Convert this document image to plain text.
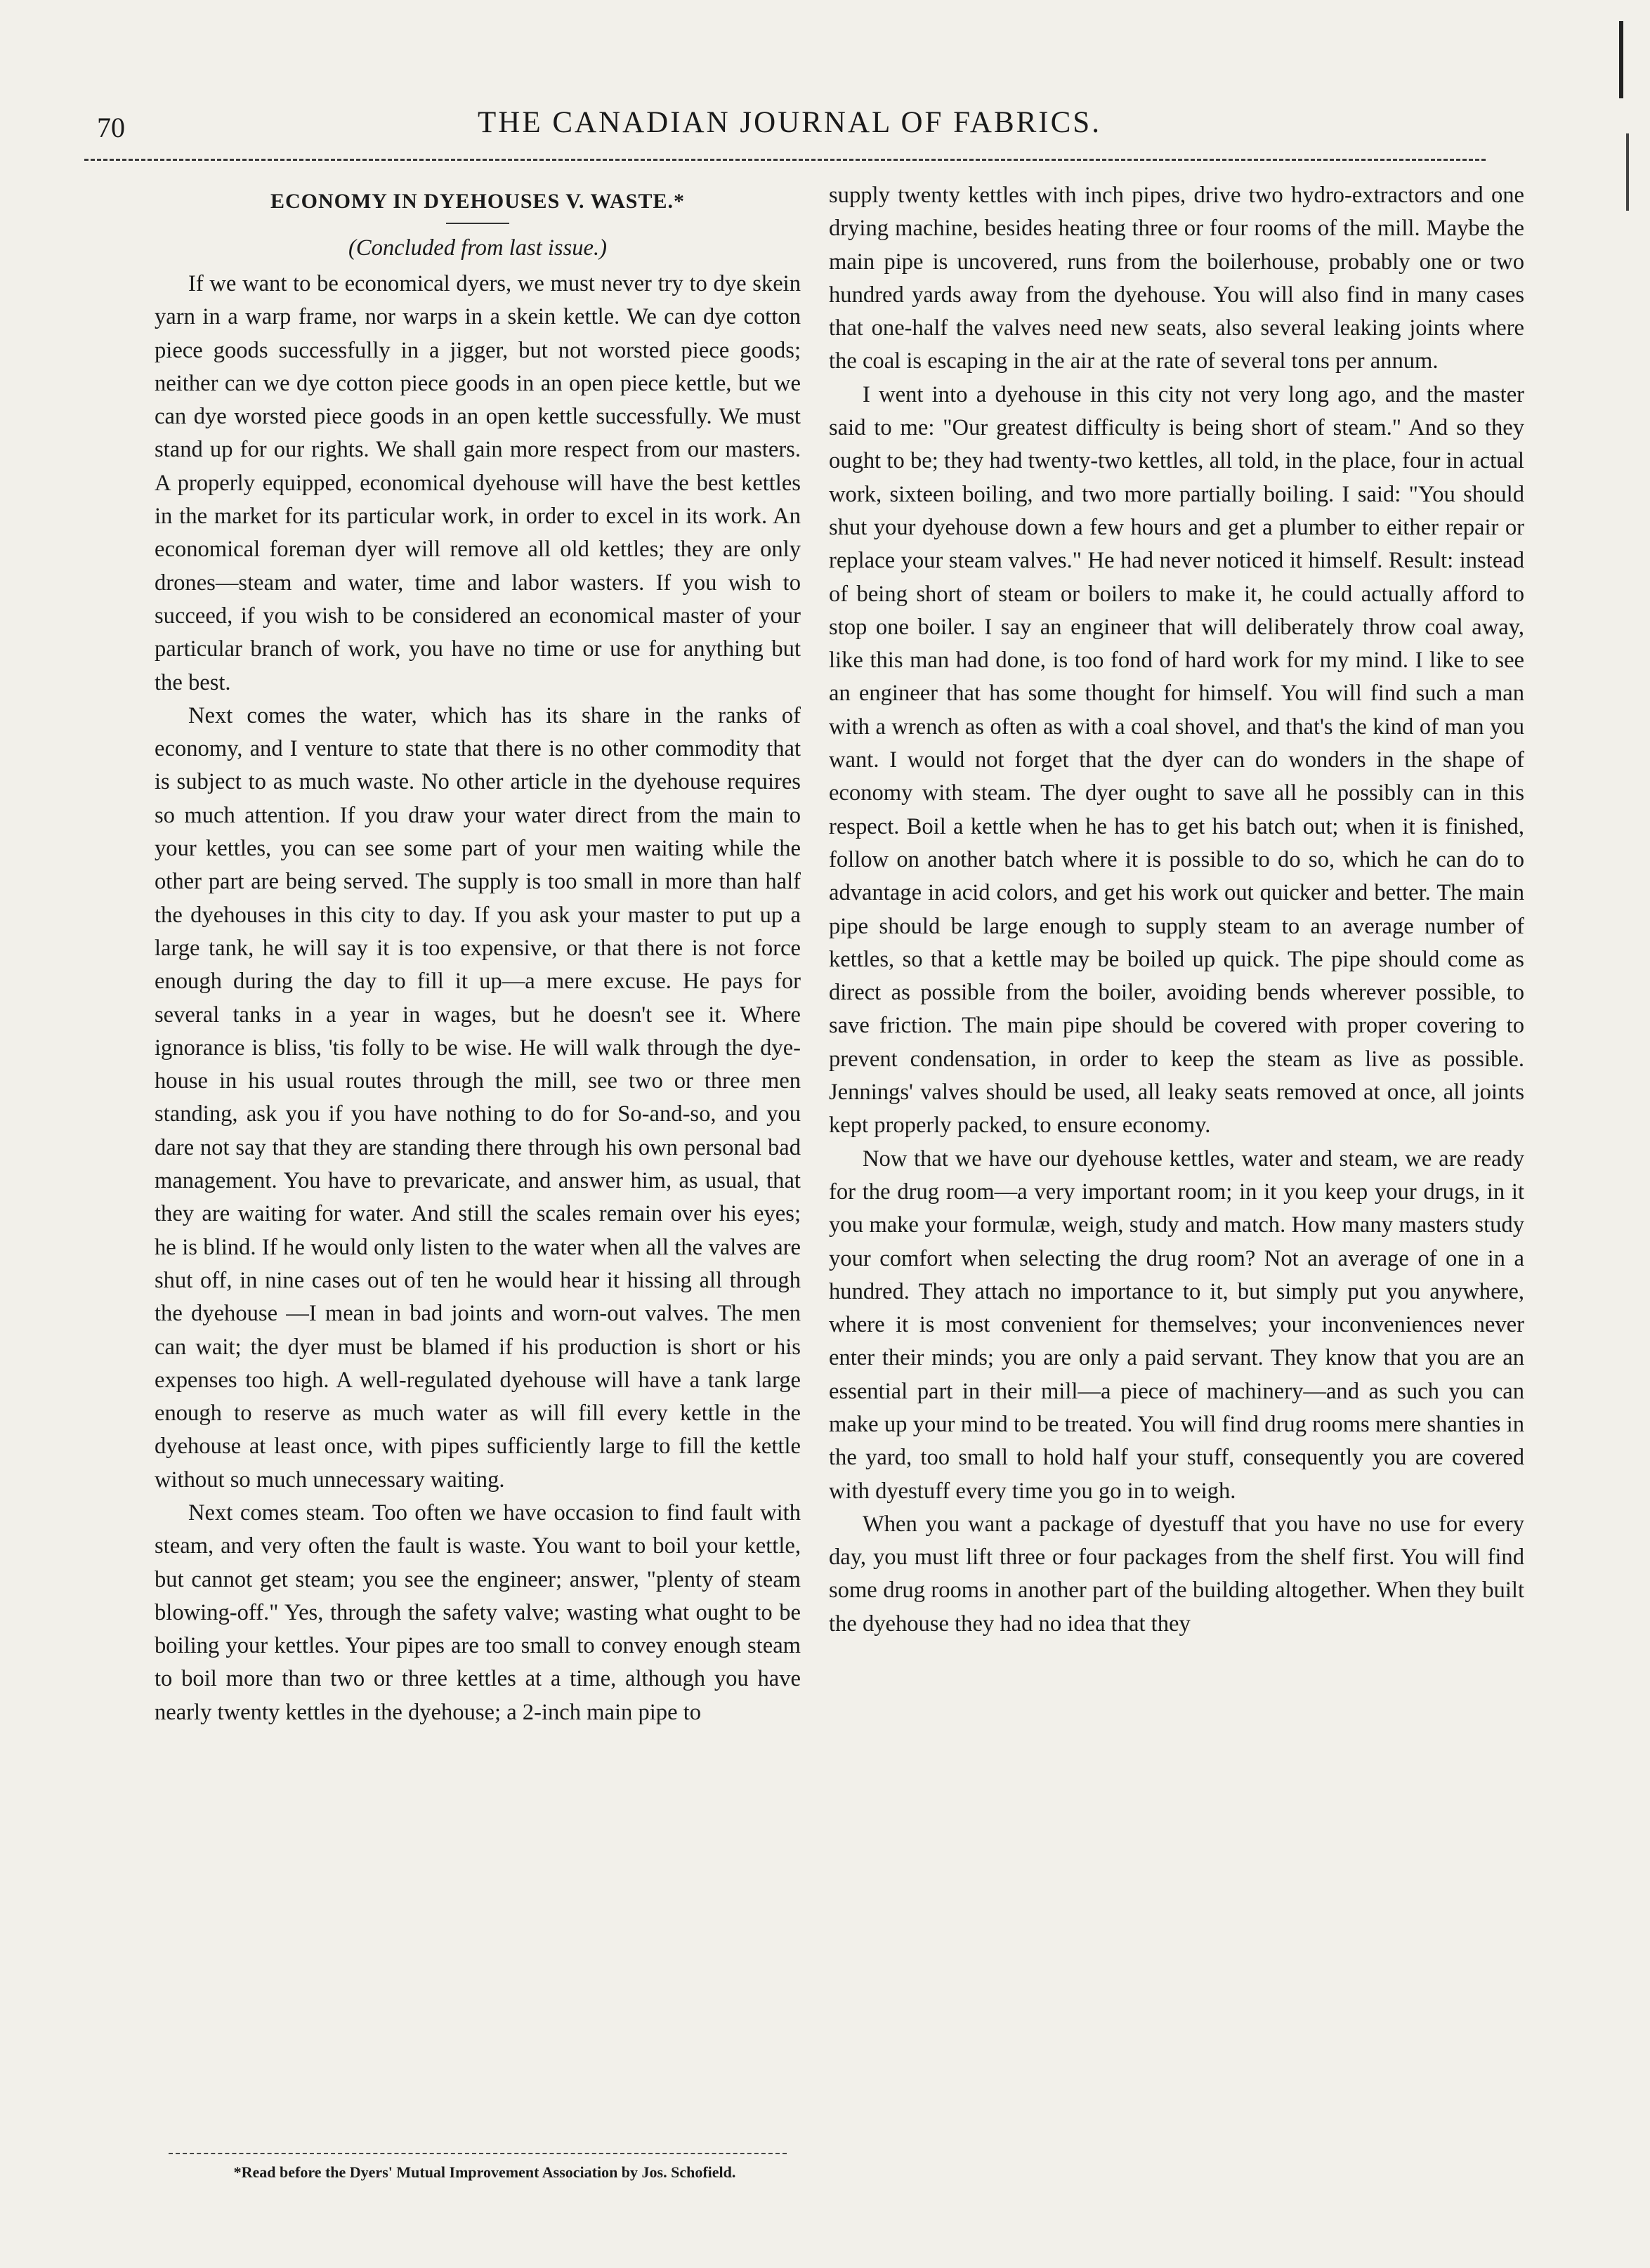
70	THE CANADIAN JOURNAL OF FABRICS.
ECONOMY IN DYEHOUSES V. WASTE.*
(Concluded from last issue.)

If we want to be economical dyers, we must never try to dye skein yarn in a warp frame, nor warps in a skein kettle. We can dye cotton piece goods successfully in a jigger, but not worsted piece goods; neither can we dye cotton piece goods in an open piece kettle, but we can dye worsted piece goods in an open kettle successfully. We must stand up for our rights. We shall gain more respect from our masters. A properly equipped, economical dyehouse will have the best kettles in the market for its particular work, in order to excel in its work. An economical foreman dyer will remove all old kettles; they are only drones—steam and water, time and labor wasters. If you wish to succeed, if you wish to be considered an economical master of your particular branch of work, you have no time or use for anything but the best.

Next comes the water, which has its share in the ranks of economy, and I venture to state that there is no other commodity that is subject to as much waste. No other article in the dyehouse requires so much attention. If you draw your water direct from the main to your kettles, you can see some part of your men waiting while the other part are being served. The supply is too small in more than half the dyehouses in this city to day. If you ask your master to put up a large tank, he will say it is too expensive, or that there is not force enough during the day to fill it up—a mere excuse. He pays for several tanks in a year in wages, but he doesn't see it. Where ignorance is bliss, 'tis folly to be wise. He will walk through the dye-house in his usual routes through the mill, see two or three men standing, ask you if you have nothing to do for So-and-so, and you dare not say that they are standing there through his own personal bad management. You have to prevaricate, and answer him, as usual, that they are waiting for water. And still the scales remain over his eyes; he is blind. If he would only listen to the water when all the valves are shut off, in nine cases out of ten he would hear it hissing all through the dyehouse —I mean in bad joints and worn-out valves. The men can wait; the dyer must be blamed if his production is short or his expenses too high. A well-regulated dyehouse will have a tank large enough to reserve as much water as will fill every kettle in the dyehouse at least once, with pipes sufficiently large to fill the kettle without so much unnecessary waiting.

Next comes steam. Too often we have occasion to find fault with steam, and very often the fault is waste. You want to boil your kettle, but cannot get steam; you see the engineer; answer, "plenty of steam blowing-off." Yes, through the safety valve; wasting what ought to be boiling your kettles. Your pipes are too small to convey enough steam to boil more than two or three kettles at a time, although you have nearly twenty kettles in the dyehouse; a 2-inch main pipe to

supply twenty kettles with inch pipes, drive two hydro-extractors and one drying machine, besides heating three or four rooms of the mill. Maybe the main pipe is uncovered, runs from the boilerhouse, probably one or two hundred yards away from the dyehouse. You will also find in many cases that one-half the valves need new seats, also several leaking joints where the coal is escaping in the air at the rate of several tons per annum.

I went into a dyehouse in this city not very long ago, and the master said to me: "Our greatest difficulty is being short of steam." And so they ought to be; they had twenty-two kettles, all told, in the place, four in actual work, sixteen boiling, and two more partially boiling. I said: "You should shut your dyehouse down a few hours and get a plumber to either repair or replace your steam valves." He had never noticed it himself. Result: instead of being short of steam or boilers to make it, he could actually afford to stop one boiler. I say an engineer that will deliberately throw coal away, like this man had done, is too fond of hard work for my mind. I like to see an engineer that has some thought for himself. You will find such a man with a wrench as often as with a coal shovel, and that's the kind of man you want. I would not forget that the dyer can do wonders in the shape of economy with steam. The dyer ought to save all he possibly can in this respect. Boil a kettle when he has to get his batch out; when it is finished, follow on another batch where it is possible to do so, which he can do to advantage in acid colors, and get his work out quicker and better. The main pipe should be large enough to supply steam to an average number of kettles, so that a kettle may be boiled up quick. The pipe should come as direct as possible from the boiler, avoiding bends wherever possible, to save friction. The main pipe should be covered with proper covering to prevent condensation, in order to keep the steam as live as possible. Jennings' valves should be used, all leaky seats removed at once, all joints kept properly packed, to ensure economy.

Now that we have our dyehouse kettles, water and steam, we are ready for the drug room—a very important room; in it you keep your drugs, in it you make your formulæ, weigh, study and match. How many masters study your comfort when selecting the drug room? Not an average of one in a hundred. They attach no importance to it, but simply put you anywhere, where it is most convenient for themselves; your inconveniences never enter their minds; you are only a paid servant. They know that you are an essential part in their mill—a piece of machinery—and as such you can make up your mind to be treated. You will find drug rooms mere shanties in the yard, too small to hold half your stuff, consequently you are covered with dyestuff every time you go in to weigh.

When you want a package of dyestuff that you have no use for every day, you must lift three or four packages from the shelf first. You will find some drug rooms in another part of the building altogether. When they built the dyehouse they had no idea that they

*Read before the Dyers' Mutual Improvement Association by Jos. Schofield.
